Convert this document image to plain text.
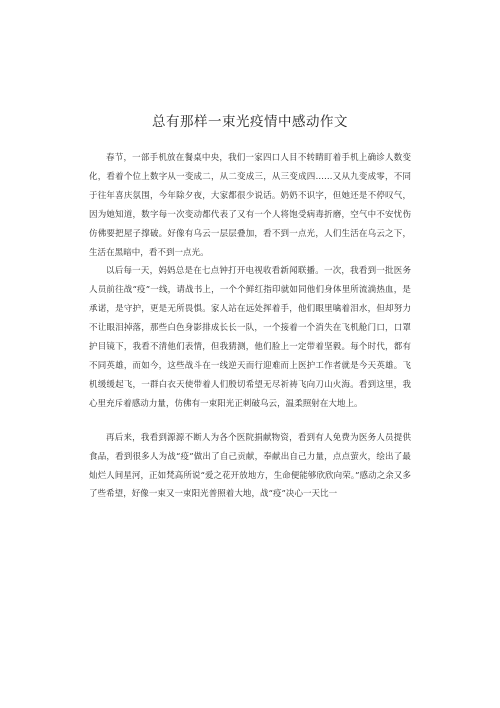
总有那样一束光疫情中感动作文

春节，一部手机放在餐桌中央，我们一家四口人目不转睛盯着手机上确诊人数变化，看着个位上数字从一变成二，从二变成三，从三变成四……又从九变成零，不同于往年喜庆氛围，今年除夕夜，大家都很少说话。奶奶不识字，但她还是不停叹气，因为她知道，数字每一次变动都代表了又有一个人将饱受病毒折磨，空气中不安忧伤仿佛要把屋子撑破。好像有乌云一层层叠加，看不到一点光，人们生活在乌云之下，生活在黑暗中，看不到一点光。

以后每一天，妈妈总是在七点钟打开电视收看新闻联播。一次，我看到一批医务人员前往战“疫”一线，请战书上，一个个鲜红指印就如同他们身体里所流淌热血，是承诺，是守护，更是无所畏惧。家人站在远处挥着手，他们眼里噙着泪水，但却努力不让眼泪掉落，那些白色身影排成长长一队，一个接着一个消失在飞机舱门口，口罩护目镜下，我看不清他们表情，但我猜测，他们脸上一定带着坚毅。每个时代，都有不同英雄，而如今，这些战斗在一线逆天而行迎难而上医护工作者就是今天英雄。飞机缓缓起飞，一群白衣天使带着人们殷切希望无尽祈祷飞向刀山火海。看到这里，我心里充斥着感动力量，仿佛有一束阳光正刺破乌云，温柔照射在大地上。

再后来，我看到源源不断人为各个医院捐献物资，看到有人免费为医务人员提供食品，看到很多人为战“疫”做出了自己贡献，奉献出自己力量，点点萤火，绘出了最灿烂人间星河，正如梵高所说“爱之花开放地方，生命便能够欣欣向荣。”感动之余又多了些希望，好像一束又一束阳光普照着大地，战“疫”决心一天比一
